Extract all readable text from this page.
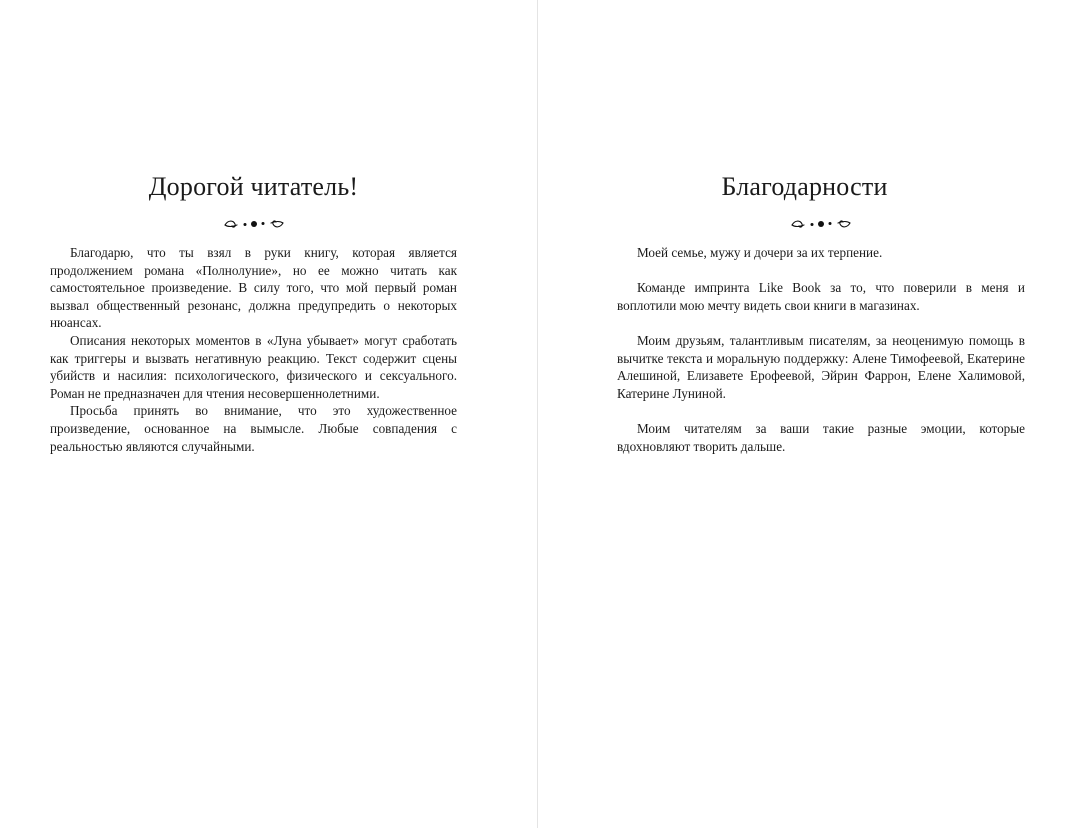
Дорогой читатель!

Благодарю, что ты взял в руки книгу, которая является продолжением романа «Полнолуние», но ее можно читать как самостоятельное произведение. В силу того, что мой первый роман вызвал общественный резонанс, должна предупредить о некоторых нюансах.

Описания некоторых моментов в «Луна убывает» могут сработать как триггеры и вызвать негативную реакцию. Текст содержит сцены убийств и насилия: психологического, физического и сексуального. Роман не предназначен для чтения несовершеннолетними.

Просьба принять во внимание, что это художественное произведение, основанное на вымысле. Любые совпадения с реальностью являются случайными.

Благодарности

Моей семье, мужу и дочери за их терпение.

Команде импринта Like Book за то, что поверили в меня и воплотили мою мечту видеть свои книги в магазинах.

Моим друзьям, талантливым писателям, за неоценимую помощь в вычитке текста и моральную поддержку: Алене Тимофеевой, Екатерине Алешиной, Елизавете Ерофеевой, Эйрин Фаррон, Елене Халимовой, Катерине Луниной.

Моим читателям за ваши такие разные эмоции, которые вдохновляют творить дальше.
